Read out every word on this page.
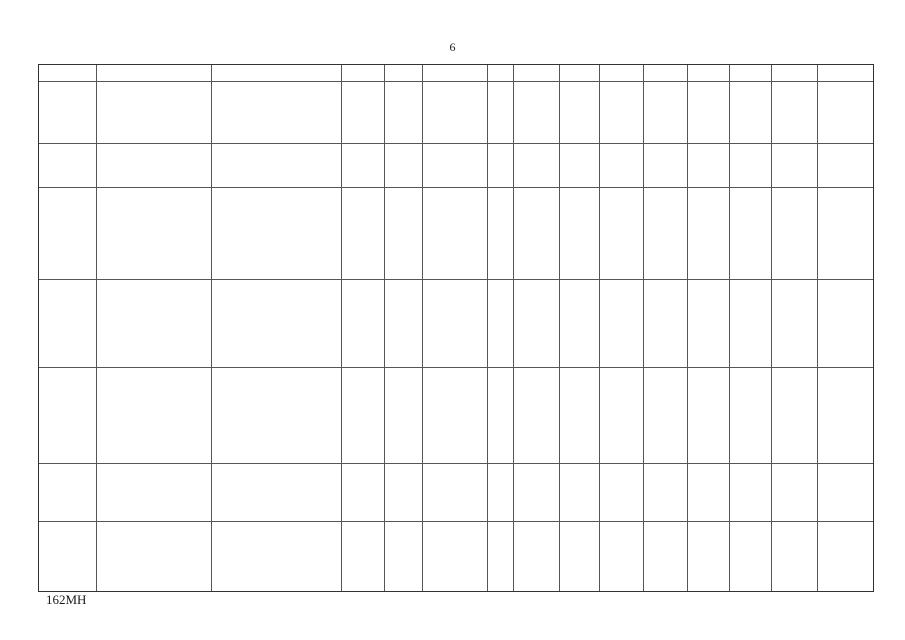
6
162МН
